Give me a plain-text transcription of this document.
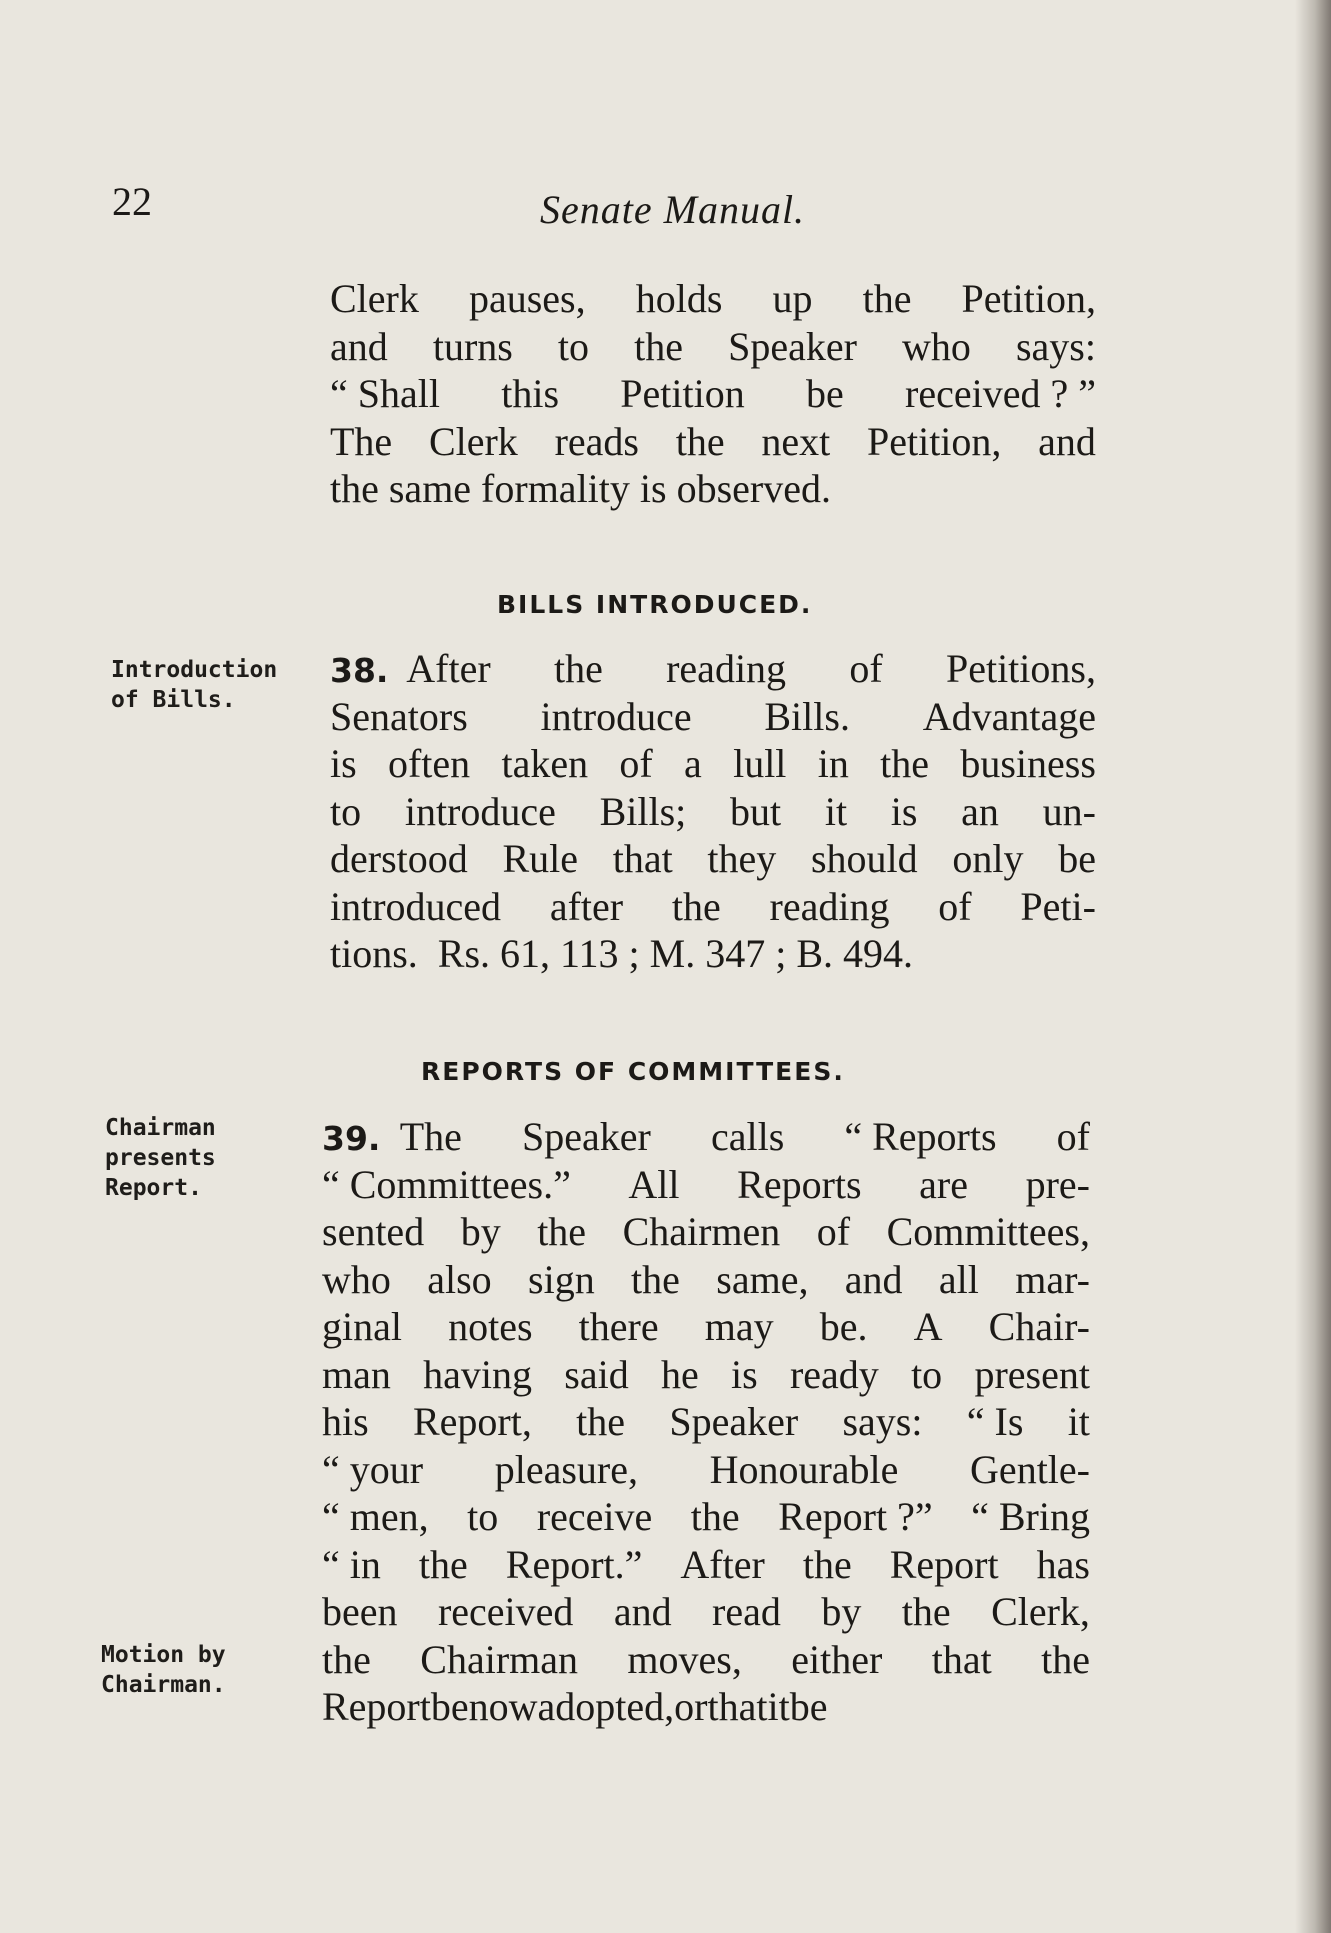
22	Senate Manual.
Clerk pauses, holds up the Petition,
and turns to the Speaker who says:
“ Shall this Petition be received ? ”
The Clerk reads the next Petition, and
the same formality is observed.
BILLS INTRODUCED.
Introduction
of Bills.
38. After the reading of Petitions,
Senators introduce Bills. Advantage
is often taken of a lull in the business
to introduce Bills; but it is an un-
derstood Rule that they should only be
introduced after the reading of Peti-
tions.  Rs. 61, 113 ; M. 347 ; B. 494.
REPORTS OF COMMITTEES.
Chairman
presents
Report.
Motion by
Chairman.
39. The Speaker calls “ Reports of
“ Committees.” All Reports are pre-
sented by the Chairmen of Committees,
who also sign the same, and all mar-
ginal notes there may be. A Chair-
man having said he is ready to present
his Report, the Speaker says: “ Is it
“ your pleasure, Honourable Gentle-
“ men, to receive the Report ?” “ Bring
“ in the Report.” After the Report has
been received and read by the Clerk,
the Chairman moves, either that the
Report be now adopted, or that it be
